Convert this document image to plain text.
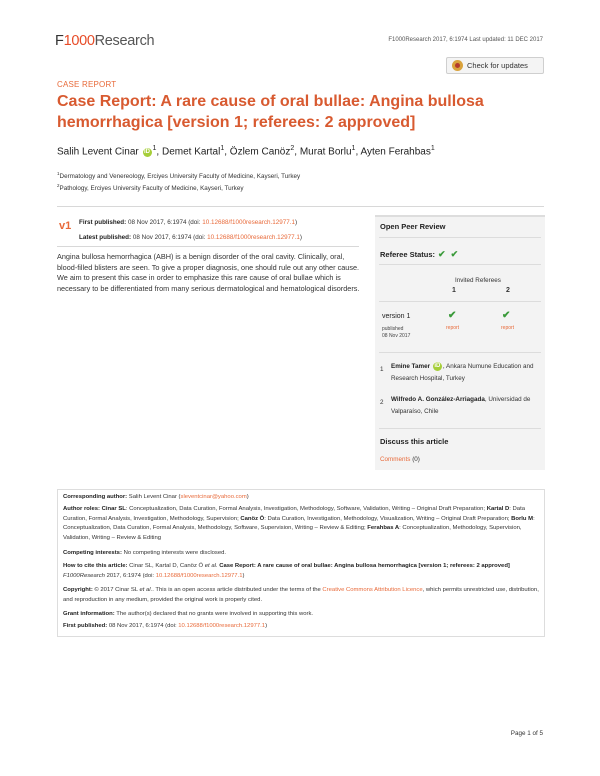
F1000Research	F1000Research 2017, 6:1974 Last updated: 11 DEC 2017
Check for updates
CASE REPORT
Case Report: A rare cause of oral bullae: Angina bullosa hemorrhagica [version 1; referees: 2 approved]
Salih Levent Cinar $iD^1$, Demet Kartal$^1$, Özlem Canöz$^2$, Murat Borlu$^1$, Ayten Ferahbas$^1$
$^1$Dermatology and Venereology, Erciyes University Faculty of Medicine, Kayseri, Turkey
$^2$Pathology, Erciyes University Faculty of Medicine, Kayseri, Turkey
v1 First published: 08 Nov 2017, 6:1974 (doi: 10.12688/f1000research.12977.1)
Latest published: 08 Nov 2017, 6:1974 (doi: 10.12688/f1000research.12977.1)
Angina bullosa hemorrhagica (ABH) is a benign disorder of the oral cavity. Clinically, oral, blood-filled blisters are seen. To give a proper diagnosis, one should rule out any other cause. We aim to present this case in order to emphasize this rare cause of oral bullae which is necessary to be differentiated from many serious dermatological and hematological disorders.
Open Peer Review
Referee Status: ✔ ✔
Invited Referees
1	2
version 1
published
08 Nov 2017
✔	✔
report	report
1 Emine Tamer iD , Ankara Numune Education and Research Hospital, Turkey
2 Wilfredo A. González-Arriagada, Universidad de Valparaíso, Chile
Discuss this article
Comments (0)
Corresponding author: Salih Levent Cinar (sleventcinar@yahoo.com)
Author roles: Cinar SL: Conceptualization, Data Curation, Formal Analysis, Investigation, Methodology, Software, Validation, Writing – Original Draft Preparation; Kartal D: Data Curation, Formal Analysis, Investigation, Methodology, Supervision; Canöz Ö: Data Curation, Investigation, Methodology, Visualization, Writing – Original Draft Preparation; Borlu M: Conceptualization, Data Curation, Formal Analysis, Methodology, Software, Supervision, Writing – Review & Editing; Ferahbas A: Conceptualization, Methodology, Supervision, Validation, Writing – Review & Editing
Competing interests: No competing interests were disclosed.
How to cite this article: Cinar SL, Kartal D, Canöz Ö et al. Case Report: A rare cause of oral bullae: Angina bullosa hemorrhagica [version 1; referees: 2 approved] F1000Research 2017, 6:1974 (doi: 10.12688/f1000research.12977.1)
Copyright: © 2017 Cinar SL et al.. This is an open access article distributed under the terms of the Creative Commons Attribution Licence, which permits unrestricted use, distribution, and reproduction in any medium, provided the original work is properly cited.
Grant information: The author(s) declared that no grants were involved in supporting this work.
First published: 08 Nov 2017, 6:1974 (doi: 10.12688/f1000research.12977.1)
Page 1 of 5
